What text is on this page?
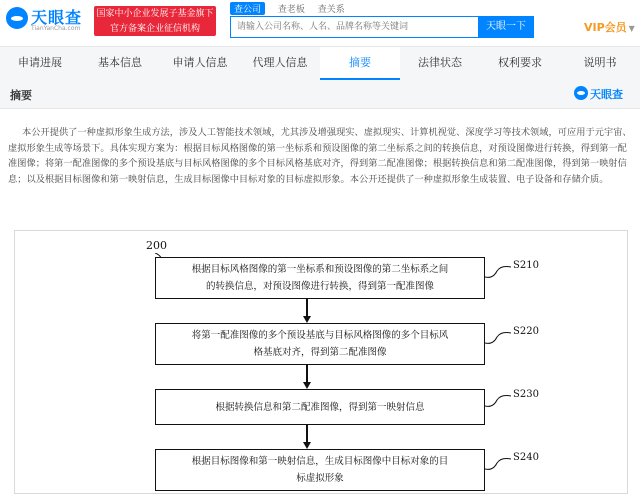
天眼查
TianYanCha.com
国家中小企业发展子基金旗下
官方备案企业征信机构
查公司 查老板 查关系
请输入公司名称、人名、品牌名称等关键词
天眼一下	VIP会员 ▼
申请进展	基本信息	申请人信息	代理人信息	摘要	法律状态	权利要求	说明书
摘要	天眼查
本公开提供了一种虚拟形象生成方法，涉及人工智能技术领域，尤其涉及增强现实、虚拟现实、计算机视觉、深度学习等技术领域，可应用于元宇宙、虚拟形象生成等场景下。具体实现方案为：根据目标风格图像的第一坐标系和预设图像的第二坐标系之间的转换信息，对预设图像进行转换，得到第一配准图像；将第一配准图像的多个预设基底与目标风格图像的多个目标风格基底对齐，得到第二配准图像；根据转换信息和第二配准图像，得到第一映射信息；以及根据目标图像和第一映射信息，生成目标图像中目标对象的目标虚拟形象。本公开还提供了一种虚拟形象生成装置、电子设备和存储介质。
200
根据目标风格图像的第一坐标系和预设图像的第二坐标系之间
的转换信息，对预设图像进行转换，得到第一配准图像
将第一配准图像的多个预设基底与目标风格图像的多个目标风
格基底对齐，得到第二配准图像
根据转换信息和第二配准图像，得到第一映射信息
根据目标图像和第一映射信息，生成目标图像中目标对象的目
标虚拟形象
S210
S220
S230
S240
